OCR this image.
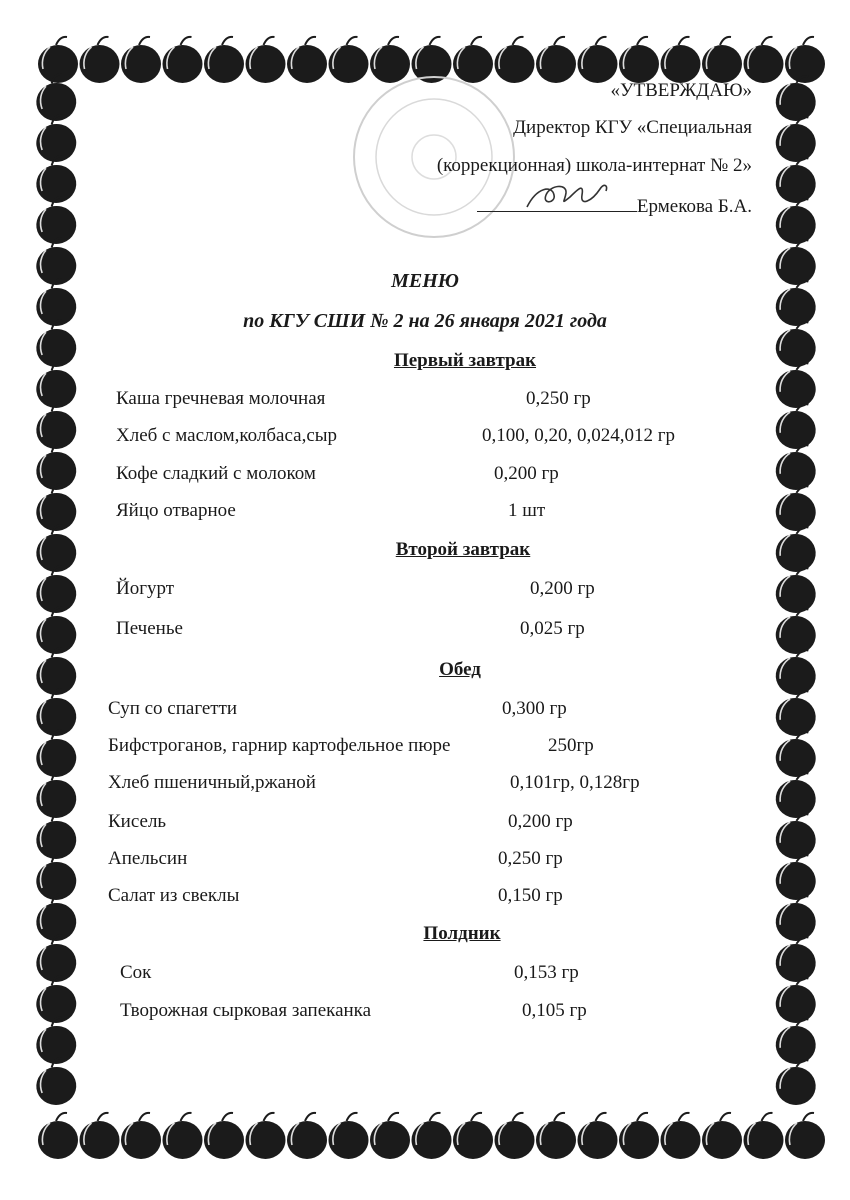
«УТВЕРЖДАЮ»
Директор КГУ «Специальная
(коррекционная) школа-интернат № 2»
Ермекова Б.А.
МЕНЮ
по КГУ СШИ № 2 на 26 января 2021 года
Первый завтрак
Каша гречневая молочная	0,250 гр
Хлеб с маслом,колбаса,сыр	0,100, 0,20, 0,024,012 гр
Кофе сладкий с молоком	0,200 гр
Яйцо отварное	1 шт
Второй завтрак
Йогурт	0,200 гр
Печенье	0,025 гр
Обед
Суп со спагетти	0,300 гр
Бифстроганов, гарнир картофельное пюре	250гр
Хлеб пшеничный,ржаной	0,101гр, 0,128гр
Кисель	0,200 гр
Апельсин	0,250 гр
Салат из свеклы	0,150 гр
Полдник
Сок	0,153 гр
Творожная сырковая запеканка	0,105 гр
